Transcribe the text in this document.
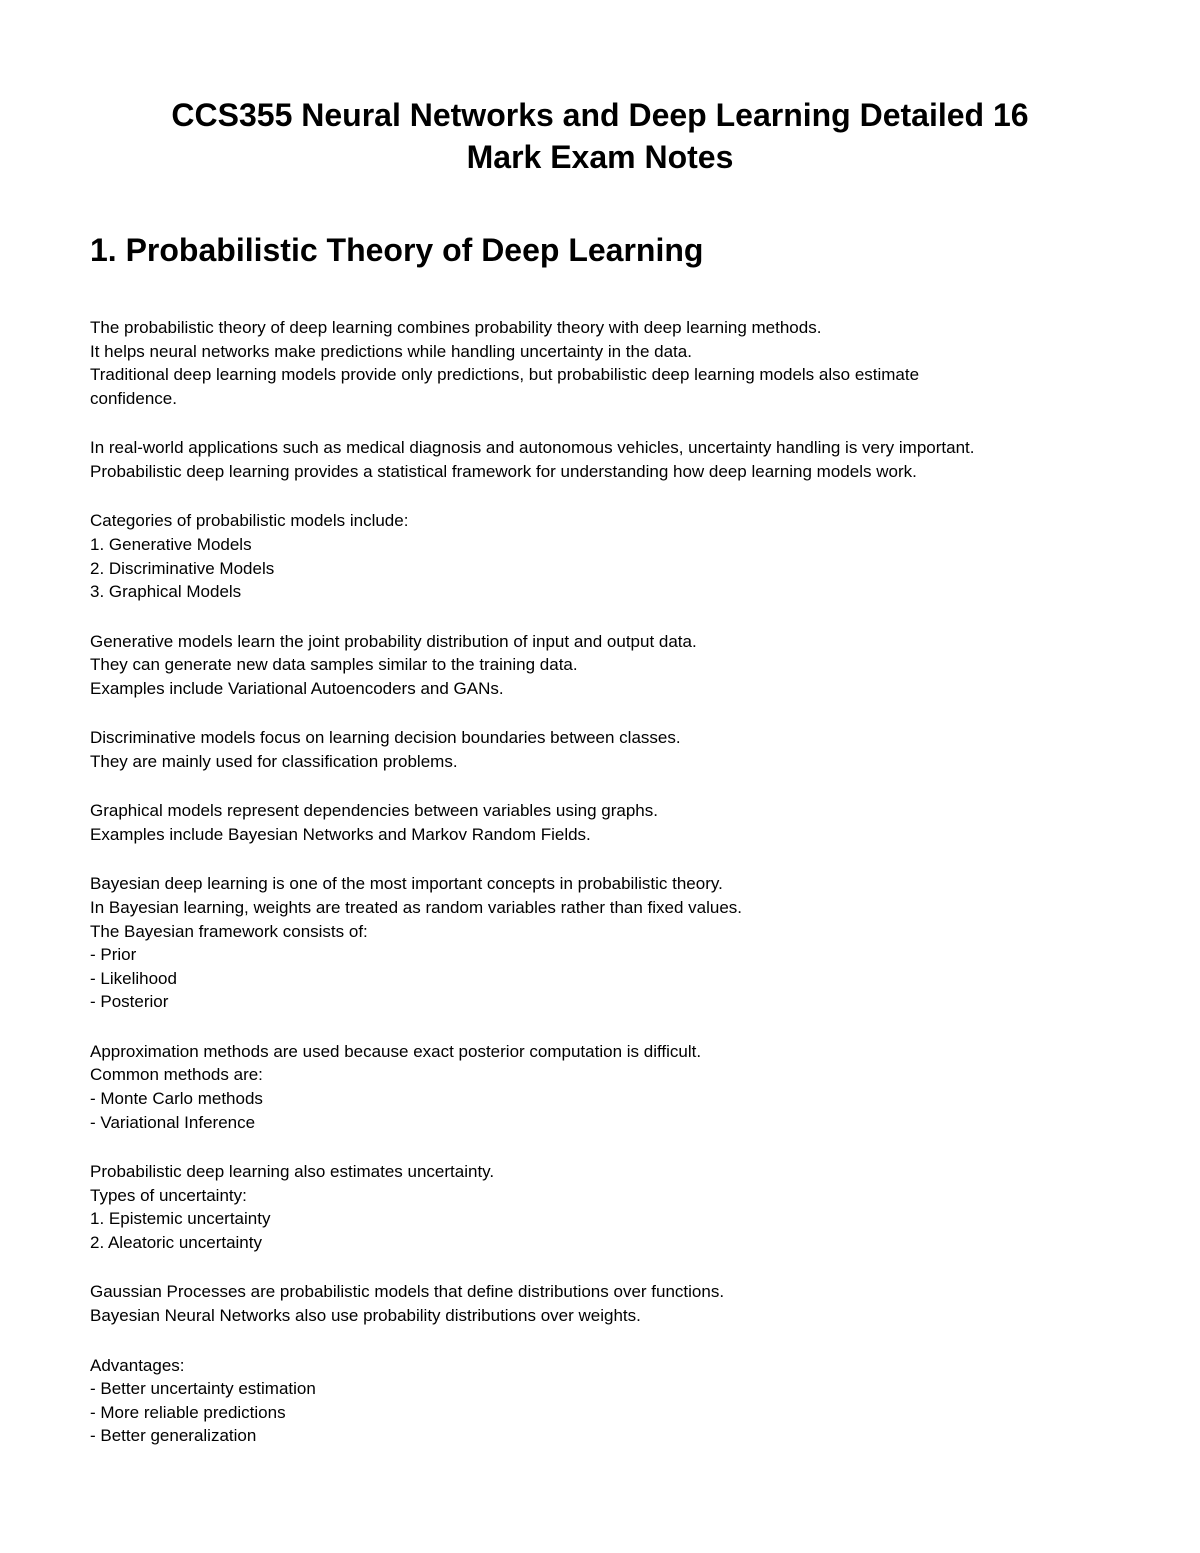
CCS355 Neural Networks and Deep Learning Detailed 16
Mark Exam Notes
1. Probabilistic Theory of Deep Learning
The probabilistic theory of deep learning combines probability theory with deep learning methods.
It helps neural networks make predictions while handling uncertainty in the data.
Traditional deep learning models provide only predictions, but probabilistic deep learning models also estimate
confidence.
In real-world applications such as medical diagnosis and autonomous vehicles, uncertainty handling is very important.
Probabilistic deep learning provides a statistical framework for understanding how deep learning models work.
Categories of probabilistic models include:
1. Generative Models
2. Discriminative Models
3. Graphical Models
Generative models learn the joint probability distribution of input and output data.
They can generate new data samples similar to the training data.
Examples include Variational Autoencoders and GANs.
Discriminative models focus on learning decision boundaries between classes.
They are mainly used for classification problems.
Graphical models represent dependencies between variables using graphs.
Examples include Bayesian Networks and Markov Random Fields.
Bayesian deep learning is one of the most important concepts in probabilistic theory.
In Bayesian learning, weights are treated as random variables rather than fixed values.
The Bayesian framework consists of:
- Prior
- Likelihood
- Posterior
Approximation methods are used because exact posterior computation is difficult.
Common methods are:
- Monte Carlo methods
- Variational Inference
Probabilistic deep learning also estimates uncertainty.
Types of uncertainty:
1. Epistemic uncertainty
2. Aleatoric uncertainty
Gaussian Processes are probabilistic models that define distributions over functions.
Bayesian Neural Networks also use probability distributions over weights.
Advantages:
- Better uncertainty estimation
- More reliable predictions
- Better generalization
